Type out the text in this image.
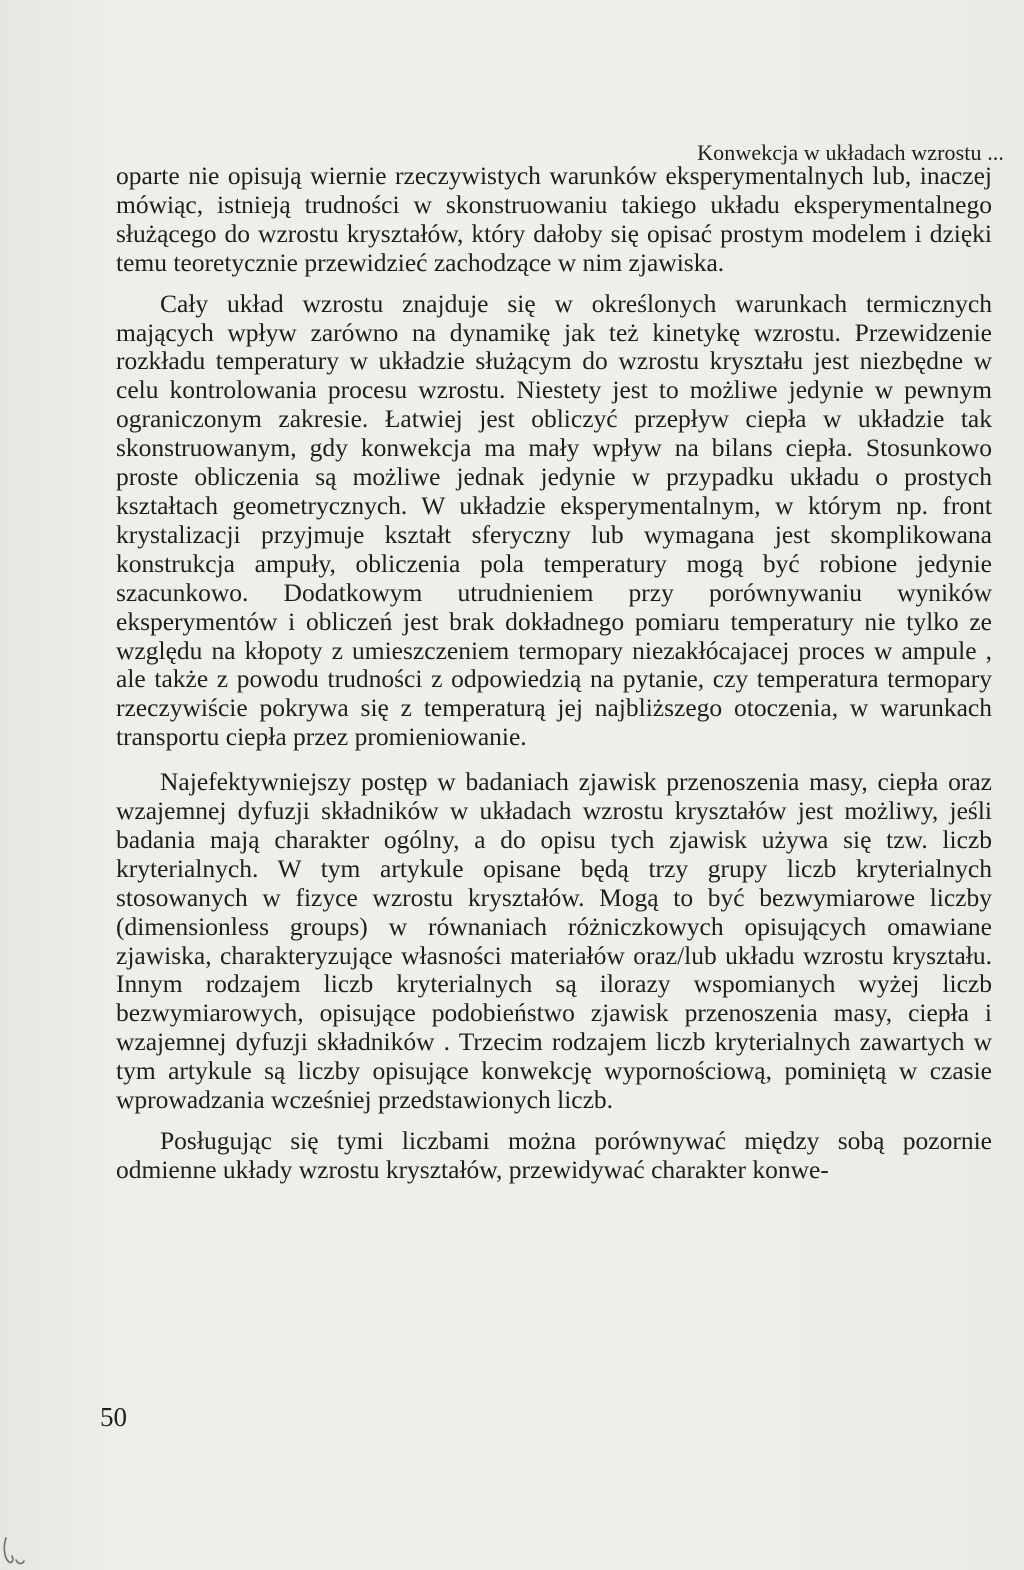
Konwekcja w układach wzrostu ...

oparte nie opisują wiernie rzeczywistych warunków eksperymentalnych lub, inaczej mówiąc, istnieją trudności w skonstruowaniu takiego układu eksperymentalnego służącego do wzrostu kryształów, który dałoby się opisać prostym modelem i dzięki temu teoretycznie przewidzieć zachodzące w nim zjawiska.

Cały układ wzrostu znajduje się w określonych warunkach termicznych mających wpływ zarówno na dynamikę jak też kinetykę wzrostu. Przewidzenie rozkładu temperatury w układzie służącym do wzrostu kryształu jest niezbędne w celu kontrolowania procesu wzrostu. Niestety jest to możliwe jedynie w pewnym ograniczonym zakresie. Łatwiej jest obliczyć przepływ ciepła w układzie tak skonstruowanym, gdy konwekcja ma mały wpływ na bilans ciepła. Stosunkowo proste obliczenia są możliwe jednak jedynie w przypadku układu o prostych kształtach geometrycznych. W układzie eksperymentalnym, w którym np. front krystalizacji przyjmuje kształt sferyczny lub wymagana jest skomplikowana konstrukcja ampuły, obliczenia pola temperatury mogą być robione jedynie szacunkowo. Dodatkowym utrudnieniem przy porównywaniu wyników eksperymentów i obliczeń jest brak dokładnego pomiaru temperatury nie tylko ze względu na kłopoty z umieszczeniem termopary niezakłócajacej proces w ampule , ale także z powodu trudności z odpowiedzią na pytanie, czy temperatura termopary rzeczywiście pokrywa się z temperaturą jej najbliższego otoczenia, w warunkach transportu ciepła przez promieniowanie.

Najefektywniejszy postęp w badaniach zjawisk przenoszenia masy, ciepła oraz wzajemnej dyfuzji składników w układach wzrostu kryształów jest możliwy, jeśli badania mają charakter ogólny, a do opisu tych zjawisk używa się tzw. liczb kryterialnych. W tym artykule opisane będą trzy grupy liczb kryterialnych stosowanych w fizyce wzrostu kryształów. Mogą to być bezwymiarowe liczby (dimensionless groups) w równaniach różniczkowych opisujących omawiane zjawiska, charakteryzujące własności materiałów oraz/lub układu wzrostu kryształu. Innym rodzajem liczb kryterialnych są ilorazy wspomianych wyżej liczb bezwymiarowych, opisujące podobieństwo zjawisk przenoszenia masy, ciepła i wzajemnej dyfuzji składników . Trzecim rodzajem liczb kryterialnych zawartych w tym artykule są liczby opisujące konwekcję wypornościową, pominiętą w czasie wprowadzania wcześniej przedstawionych liczb.

Posługując się tymi liczbami można porównywać między sobą pozornie odmienne układy wzrostu kryształów, przewidywać charakter konwe-

50
